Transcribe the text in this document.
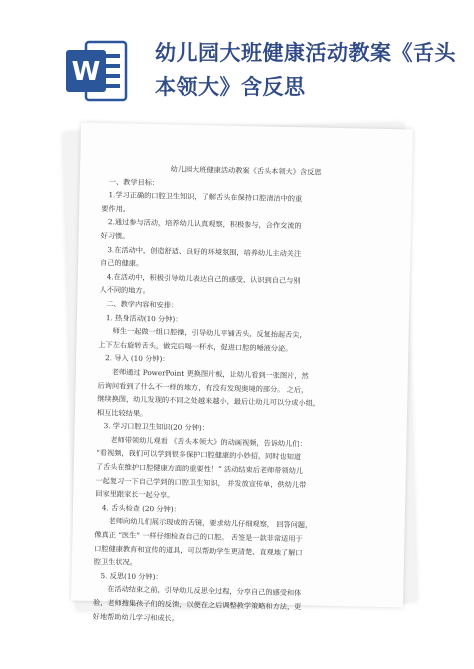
W
幼儿园大班健康活动教案《舌头本领大》含反思

幼儿园大班健康活动教案《舌头本领大》含反思

一、教学目标：

1.学习正确的口腔卫生知识，了解舌头在保持口腔清洁中的重

要作用。

2.通过参与活动，培养幼儿认真观察，积极参与，合作交流的

好习惯。

3.在活动中，创造舒适、良好的环境氛围，培养幼儿主动关注

自己的健康。

4.在活动中，积极引导幼儿表达自己的感受，认识到自己与别

人不同的地方。

二、教学内容和安排：

1. 热身活动(10 分钟)：

师生一起做一组口腔操，引导幼儿平铺舌头，反复抬起舌尖，

上下左右旋转舌头，做完后喝一杯水，促进口腔的唾液分泌。

2. 导入 (10 分钟)：

老师通过 PowerPoint 更换图片板，让幼儿看到一张图片，然

后询问看到了什么不一样的地方，有没有发现奥境的部分。 之后，

继续换图，幼儿发现的不同之处越来越小，最后让幼儿可以分成小组，

相互比较结果。

3. 学习口腔卫生知识(20 分钟)：

老师带领幼儿观看 《舌头本领大》的动画视频，告诉幼儿们：

“看视频，我们可以学到很多保护口腔健康的小妙招，同时也知道

了舌头在维护口腔健康方面的重要性！” 活动结束后老师带领幼儿

一起复习一下自己学到的口腔卫生知识， 并发放宣传单，供幼儿带

回家里跟家长一起分享。

4. 舌头检查 (20 分钟)：

老师向幼儿们展示现成的舌镜，要求幼儿仔细观察， 回答问题，

像真正 “医生” 一样仔细检查自己的口腔。 舌签是一款非常适用于

口腔健康教育和宣传的道具，可以帮助学生更清楚、直观地了解口

腔卫生状况。

5. 反思(10 分钟)：

在活动结束之前，引导幼儿反思全过程，分享自己的感受和体

验，老师搜集孩子们的反馈，以便在之后调整教学策略和方法，更

好地帮助幼儿学习和成长。
